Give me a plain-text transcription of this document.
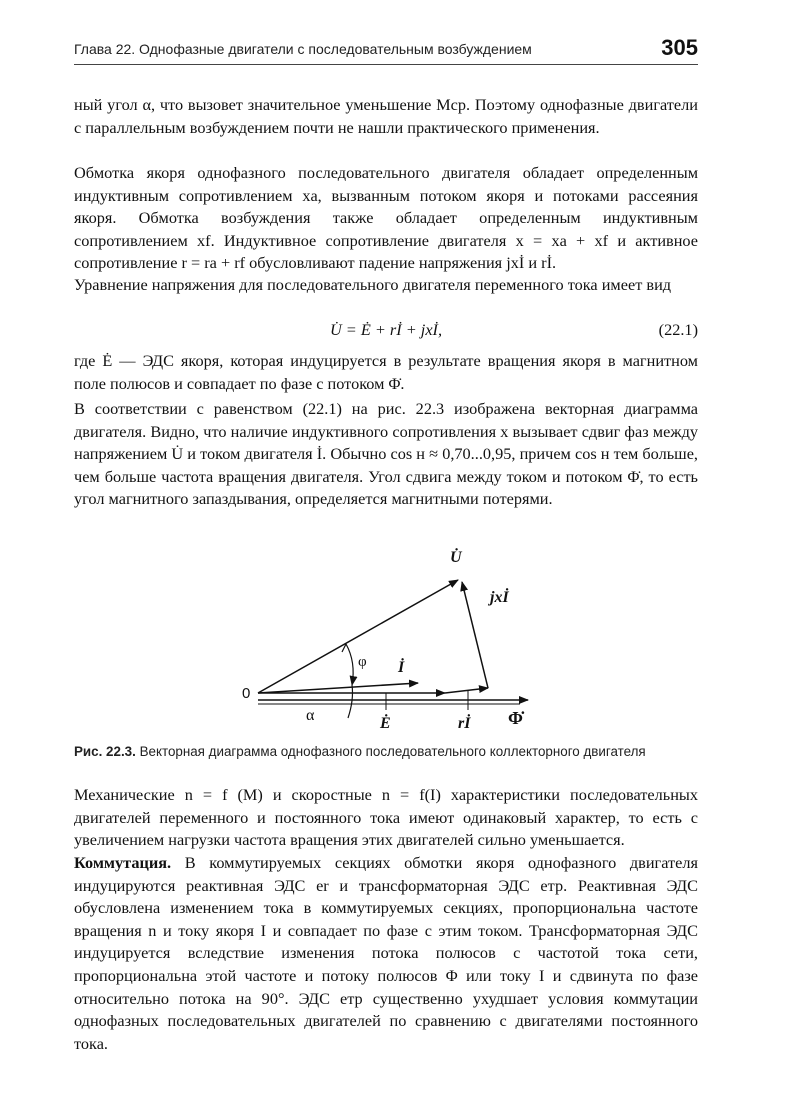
Глава 22. Однофазные двигатели с последовательным возбуждением	305

ный угол α, что вызовет значительное уменьшение Mср. Поэтому однофазные двигатели с параллельным возбуждением почти не нашли практического применения.

Обмотка якоря однофазного последовательного двигателя обладает определенным индуктивным сопротивлением xa, вызванным потоком якоря и потоками рассеяния якоря. Обмотка возбуждения также обладает определенным индуктивным сопротивлением xf. Индуктивное сопротивление двигателя x = xa + xf и активное сопротивление r = ra + rf обусловливают падение напряжения jxİ и rİ.

Уравнение напряжения для последовательного двигателя переменного тока имеет вид

U̇ = Ė + rİ + jxİ,	(22.1)

где Ė — ЭДС якоря, которая индуцируется в результате вращения якоря в магнитном поле полюсов и совпадает по фазе с потоком Φ̇.

В соответствии с равенством (22.1) на рис. 22.3 изображена векторная диаграмма двигателя. Видно, что наличие индуктивного сопротивления x вызывает сдвиг фаз между напряжением U̇ и током двигателя İ. Обычно cos н ≈ 0,70...0,95, причем cos н тем больше, чем больше частота вращения двигателя. Угол сдвига между током и потоком Φ̇, то есть угол магнитного запаздывания, определяется магнитными потерями.

0
U̇
jxİ
φ İ
α	Ė	rİ Φ̇
Рис. 22.3. Векторная диаграмма однофазного последовательного коллекторного двигателя

Механические n = f (M) и скоростные n = f(I) характеристики последовательных двигателей переменного и постоянного тока имеют одинаковый характер, то есть с увеличением нагрузки частота вращения этих двигателей сильно уменьшается.

Коммутация. В коммутируемых секциях обмотки якоря однофазного двигателя индуцируются реактивная ЭДС er и трансформаторная ЭДС eтр. Реактивная ЭДС обусловлена изменением тока в коммутируемых секциях, пропорциональна частоте вращения n и току якоря I и совпадает по фазе с этим током. Трансформаторная ЭДС индуцируется вследствие изменения потока полюсов с частотой тока сети, пропорциональна этой частоте и потоку полюсов Φ или току I и сдвинута по фазе относительно потока на 90°. ЭДС eтр существенно ухудшает условия коммутации однофазных последовательных двигателей по сравнению с двигателями постоянного тока.
